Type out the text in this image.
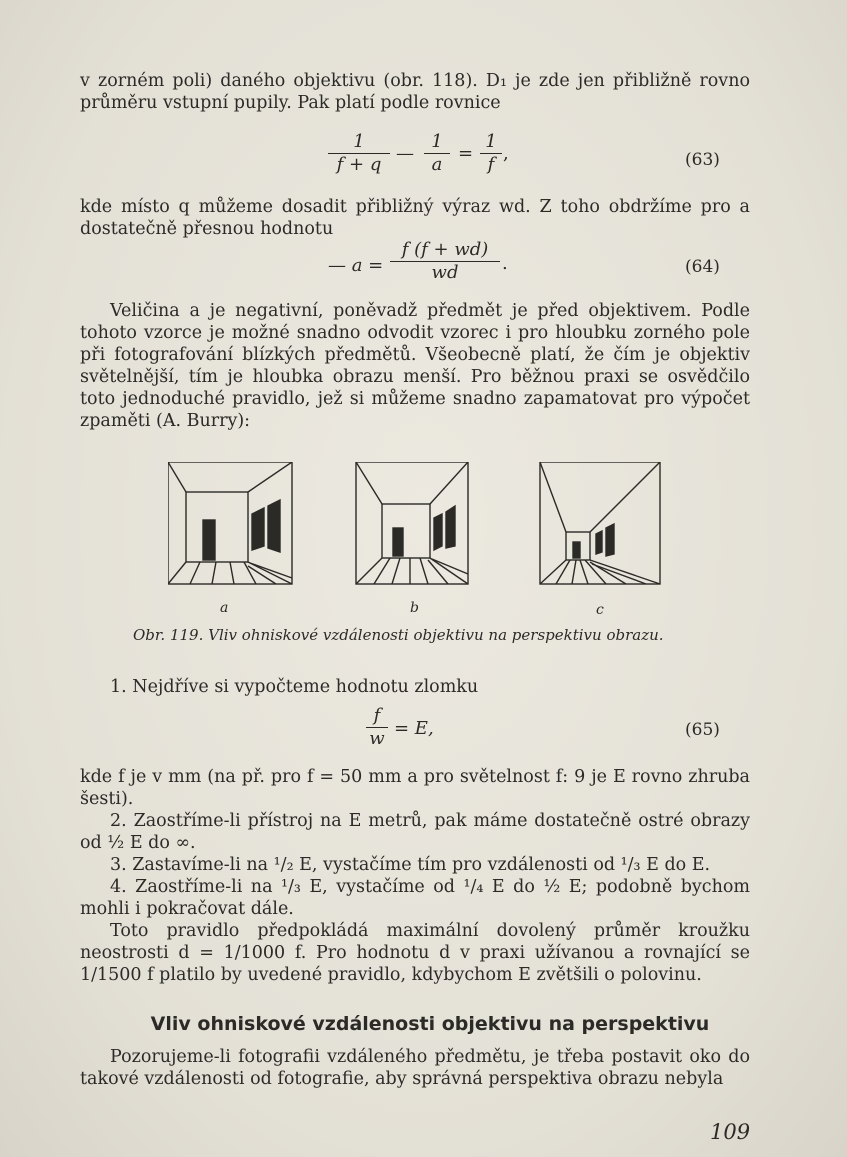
v zorném poli) daného objektivu (obr. 118). D₁ je zde jen přibližně rovno průměru vstupní pupily. Pak platí podle rovnice

$\frac{1}{f + q}$ — $\frac{1}{a} = \frac{1}{f}$ ,	(63)

kde místo q můžeme dosadit přibližný výraz wd. Z toho obdržíme pro a dostatečně přesnou hodnotu

— $a = \frac{f (f + wd)}{wd}$ .	(64)

Veličina a je negativní, poněvadž předmět je před objektivem. Podle tohoto vzorce je možné snadno odvodit vzorec i pro hloubku zorného pole při fotografování blízkých předmětů. Všeobecně platí, že čím je objektiv světelnější, tím je hloubka obrazu menší. Pro běžnou praxi se osvědčilo toto jednoduché pravidlo, jež si můžeme snadno zapamatovat pro výpočet zpaměti (A. Burry):

a	b	c
Obr. 119. Vliv ohniskové vzdálenosti objektivu na perspektivu obrazu.

1. Nejdříve si vypočteme hodnotu zlomku

$\frac{f}{w} = E$,	(65)

kde f je v mm (na př. pro f = 50 mm a pro světelnost f: 9 je E rovno zhruba šesti).

2. Zaostříme-li přístroj na E metrů, pak máme dostatečně ostré obrazy od ½ E do ∞.

3. Zastavíme-li na ¹/₂ E, vystačíme tím pro vzdálenosti od ¹/₃ E do E.

4. Zaostříme-li na ¹/₃ E, vystačíme od ¹/₄ E do ½ E; podobně bychom mohli i pokračovat dále.

Toto pravidlo předpokládá maximální dovolený průměr kroužku neostrosti d = 1/1000 f. Pro hodnotu d v praxi užívanou a rovnající se 1/1500 f platilo by uvedené pravidlo, kdybychom E zvětšili o polovinu.

Vliv ohniskové vzdálenosti objektivu na perspektivu

Pozorujeme-li fotografii vzdáleného předmětu, je třeba postavit oko do takové vzdálenosti od fotografie, aby správná perspektiva obrazu nebyla

109
